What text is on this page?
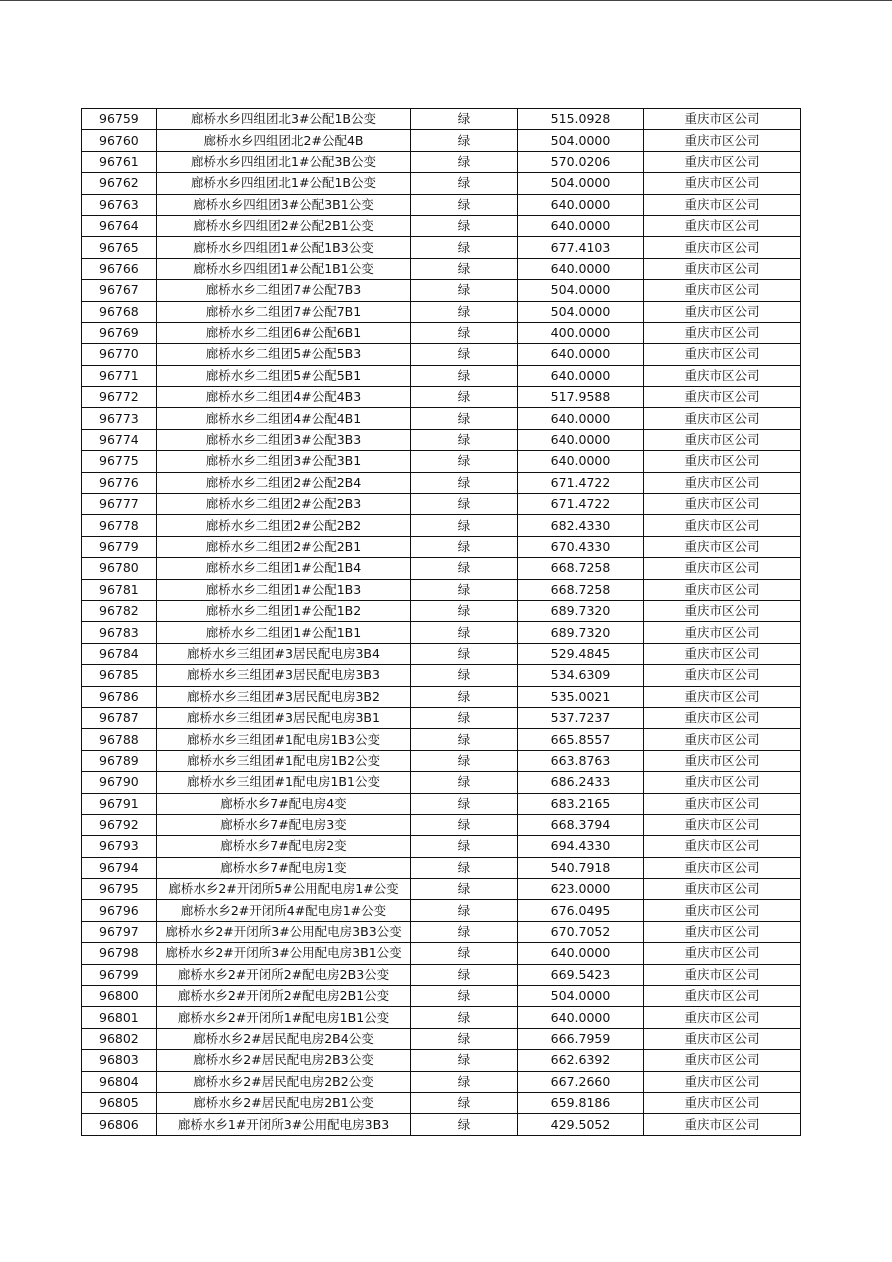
96759	廊桥水乡四组团北3#公配1B公变	绿	515.0928	重庆市区公司
96760	廊桥水乡四组团北2#公配4B	绿	504.0000	重庆市区公司
96761	廊桥水乡四组团北1#公配3B公变	绿	570.0206	重庆市区公司
96762	廊桥水乡四组团北1#公配1B公变	绿	504.0000	重庆市区公司
96763	廊桥水乡四组团3#公配3B1公变	绿	640.0000	重庆市区公司
96764	廊桥水乡四组团2#公配2B1公变	绿	640.0000	重庆市区公司
96765	廊桥水乡四组团1#公配1B3公变	绿	677.4103	重庆市区公司
96766	廊桥水乡四组团1#公配1B1公变	绿	640.0000	重庆市区公司
96767	廊桥水乡二组团7#公配7B3	绿	504.0000	重庆市区公司
96768	廊桥水乡二组团7#公配7B1	绿	504.0000	重庆市区公司
96769	廊桥水乡二组团6#公配6B1	绿	400.0000	重庆市区公司
96770	廊桥水乡二组团5#公配5B3	绿	640.0000	重庆市区公司
96771	廊桥水乡二组团5#公配5B1	绿	640.0000	重庆市区公司
96772	廊桥水乡二组团4#公配4B3	绿	517.9588	重庆市区公司
96773	廊桥水乡二组团4#公配4B1	绿	640.0000	重庆市区公司
96774	廊桥水乡二组团3#公配3B3	绿	640.0000	重庆市区公司
96775	廊桥水乡二组团3#公配3B1	绿	640.0000	重庆市区公司
96776	廊桥水乡二组团2#公配2B4	绿	671.4722	重庆市区公司
96777	廊桥水乡二组团2#公配2B3	绿	671.4722	重庆市区公司
96778	廊桥水乡二组团2#公配2B2	绿	682.4330	重庆市区公司
96779	廊桥水乡二组团2#公配2B1	绿	670.4330	重庆市区公司
96780	廊桥水乡二组团1#公配1B4	绿	668.7258	重庆市区公司
96781	廊桥水乡二组团1#公配1B3	绿	668.7258	重庆市区公司
96782	廊桥水乡二组团1#公配1B2	绿	689.7320	重庆市区公司
96783	廊桥水乡二组团1#公配1B1	绿	689.7320	重庆市区公司
96784	廊桥水乡三组团#3居民配电房3B4	绿	529.4845	重庆市区公司
96785	廊桥水乡三组团#3居民配电房3B3	绿	534.6309	重庆市区公司
96786	廊桥水乡三组团#3居民配电房3B2	绿	535.0021	重庆市区公司
96787	廊桥水乡三组团#3居民配电房3B1	绿	537.7237	重庆市区公司
96788	廊桥水乡三组团#1配电房1B3公变	绿	665.8557	重庆市区公司
96789	廊桥水乡三组团#1配电房1B2公变	绿	663.8763	重庆市区公司
96790	廊桥水乡三组团#1配电房1B1公变	绿	686.2433	重庆市区公司
96791	廊桥水乡7#配电房4变	绿	683.2165	重庆市区公司
96792	廊桥水乡7#配电房3变	绿	668.3794	重庆市区公司
96793	廊桥水乡7#配电房2变	绿	694.4330	重庆市区公司
96794	廊桥水乡7#配电房1变	绿	540.7918	重庆市区公司
96795	廊桥水乡2#开闭所5#公用配电房1#公变	绿	623.0000	重庆市区公司
96796	廊桥水乡2#开闭所4#配电房1#公变	绿	676.0495	重庆市区公司
96797	廊桥水乡2#开闭所3#公用配电房3B3公变	绿	670.7052	重庆市区公司
96798	廊桥水乡2#开闭所3#公用配电房3B1公变	绿	640.0000	重庆市区公司
96799	廊桥水乡2#开闭所2#配电房2B3公变	绿	669.5423	重庆市区公司
96800	廊桥水乡2#开闭所2#配电房2B1公变	绿	504.0000	重庆市区公司
96801	廊桥水乡2#开闭所1#配电房1B1公变	绿	640.0000	重庆市区公司
96802	廊桥水乡2#居民配电房2B4公变	绿	666.7959	重庆市区公司
96803	廊桥水乡2#居民配电房2B3公变	绿	662.6392	重庆市区公司
96804	廊桥水乡2#居民配电房2B2公变	绿	667.2660	重庆市区公司
96805	廊桥水乡2#居民配电房2B1公变	绿	659.8186	重庆市区公司
96806	廊桥水乡1#开闭所3#公用配电房3B3	绿	429.5052	重庆市区公司
